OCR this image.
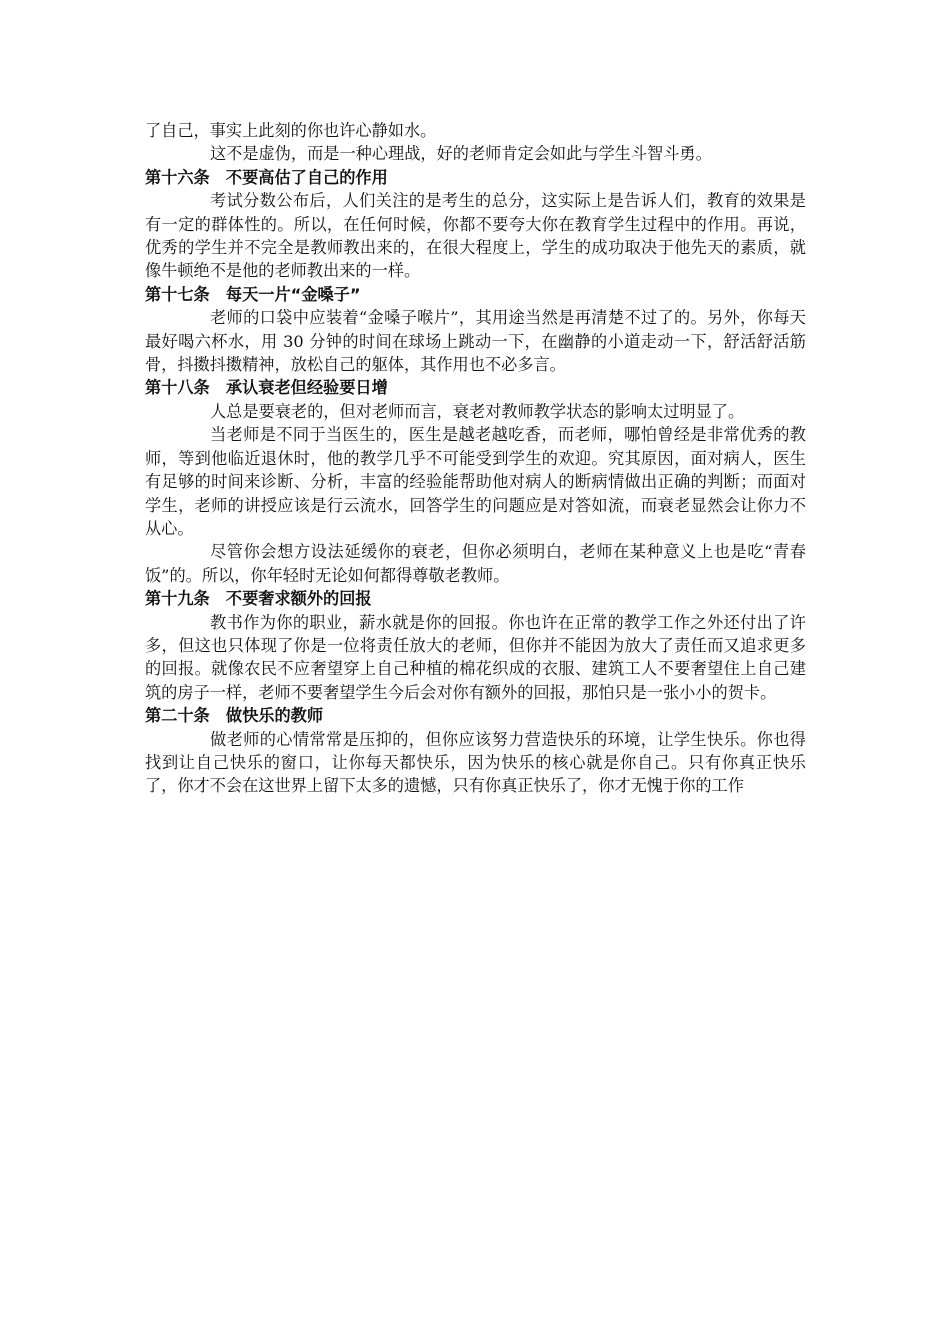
了自己，事实上此刻的你也许心静如水。

这不是虚伪，而是一种心理战，好的老师肯定会如此与学生斗智斗勇。

第十六条　不要高估了自己的作用

考试分数公布后，人们关注的是考生的总分，这实际上是告诉人们，教育的效果是有一定的群体性的。所以，在任何时候，你都不要夸大你在教育学生过程中的作用。再说，优秀的学生并不完全是教师教出来的，在很大程度上，学生的成功取决于他先天的素质，就像牛顿绝不是他的老师教出来的一样。

第十七条　每天一片“金嗓子”

老师的口袋中应装着“金嗓子喉片”，其用途当然是再清楚不过了的。另外，你每天最好喝六杯水，用 30 分钟的时间在球场上跳动一下，在幽静的小道走动一下，舒活舒活筋骨，抖擞抖擞精神，放松自己的躯体，其作用也不必多言。

第十八条　承认衰老但经验要日增

人总是要衰老的，但对老师而言，衰老对教师教学状态的影响太过明显了。

当老师是不同于当医生的，医生是越老越吃香，而老师，哪怕曾经是非常优秀的教师，等到他临近退休时，他的教学几乎不可能受到学生的欢迎。究其原因，面对病人，医生有足够的时间来诊断、分析，丰富的经验能帮助他对病人的断病情做出正确的判断；而面对学生，老师的讲授应该是行云流水，回答学生的问题应是对答如流，而衰老显然会让你力不从心。

尽管你会想方设法延缓你的衰老，但你必须明白，老师在某种意义上也是吃“青春饭”的。所以，你年轻时无论如何都得尊敬老教师。

第十九条　不要奢求额外的回报

教书作为你的职业，薪水就是你的回报。你也许在正常的教学工作之外还付出了许多，但这也只体现了你是一位将责任放大的老师，但你并不能因为放大了责任而又追求更多的回报。就像农民不应奢望穿上自己种植的棉花织成的衣服、建筑工人不要奢望住上自己建筑的房子一样，老师不要奢望学生今后会对你有额外的回报，那怕只是一张小小的贺卡。

第二十条　做快乐的教师

做老师的心情常常是压抑的，但你应该努力营造快乐的环境，让学生快乐。你也得找到让自己快乐的窗口，让你每天都快乐，因为快乐的核心就是你自己。只有你真正快乐了，你才不会在这世界上留下太多的遗憾，只有你真正快乐了，你才无愧于你的工作
